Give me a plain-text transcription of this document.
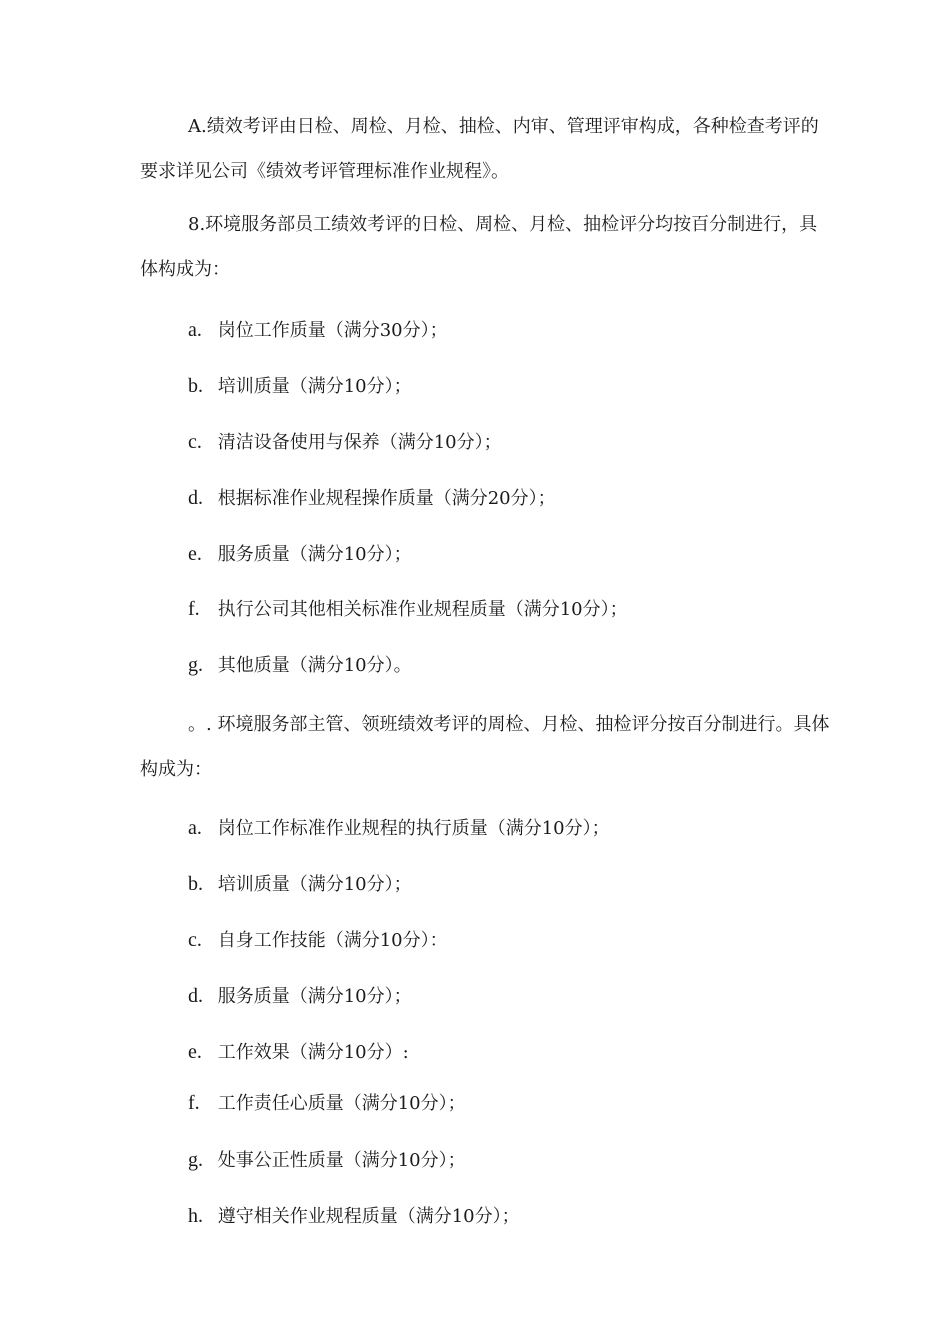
A.绩效考评由日检、周检、月检、抽检、内审、管理评审构成，各种检查考评的要求详见公司《绩效考评管理标准作业规程》。

8.环境服务部员工绩效考评的日检、周检、月检、抽检评分均按百分制进行，具体构成为：

a. 岗位工作质量（满分30分）；
b. 培训质量（满分10分）；
c. 清洁设备使用与保养（满分10分）；
d. 根据标准作业规程操作质量（满分20分）；
e. 服务质量（满分10分）；
f. 执行公司其他相关标准作业规程质量（满分10分）；
g. 其他质量（满分10分）。

。. 环境服务部主管、领班绩效考评的周检、月检、抽检评分按百分制进行。具体构成为：

a. 岗位工作标准作业规程的执行质量（满分10分）；
b. 培训质量（满分10分）；
c. 自身工作技能（满分10分）：
d. 服务质量（满分10分）；
e. 工作效果（满分10分）:
f. 工作责任心质量（满分10分）；
g. 处事公正性质量（满分10分）；
h. 遵守相关作业规程质量（满分10分）；
